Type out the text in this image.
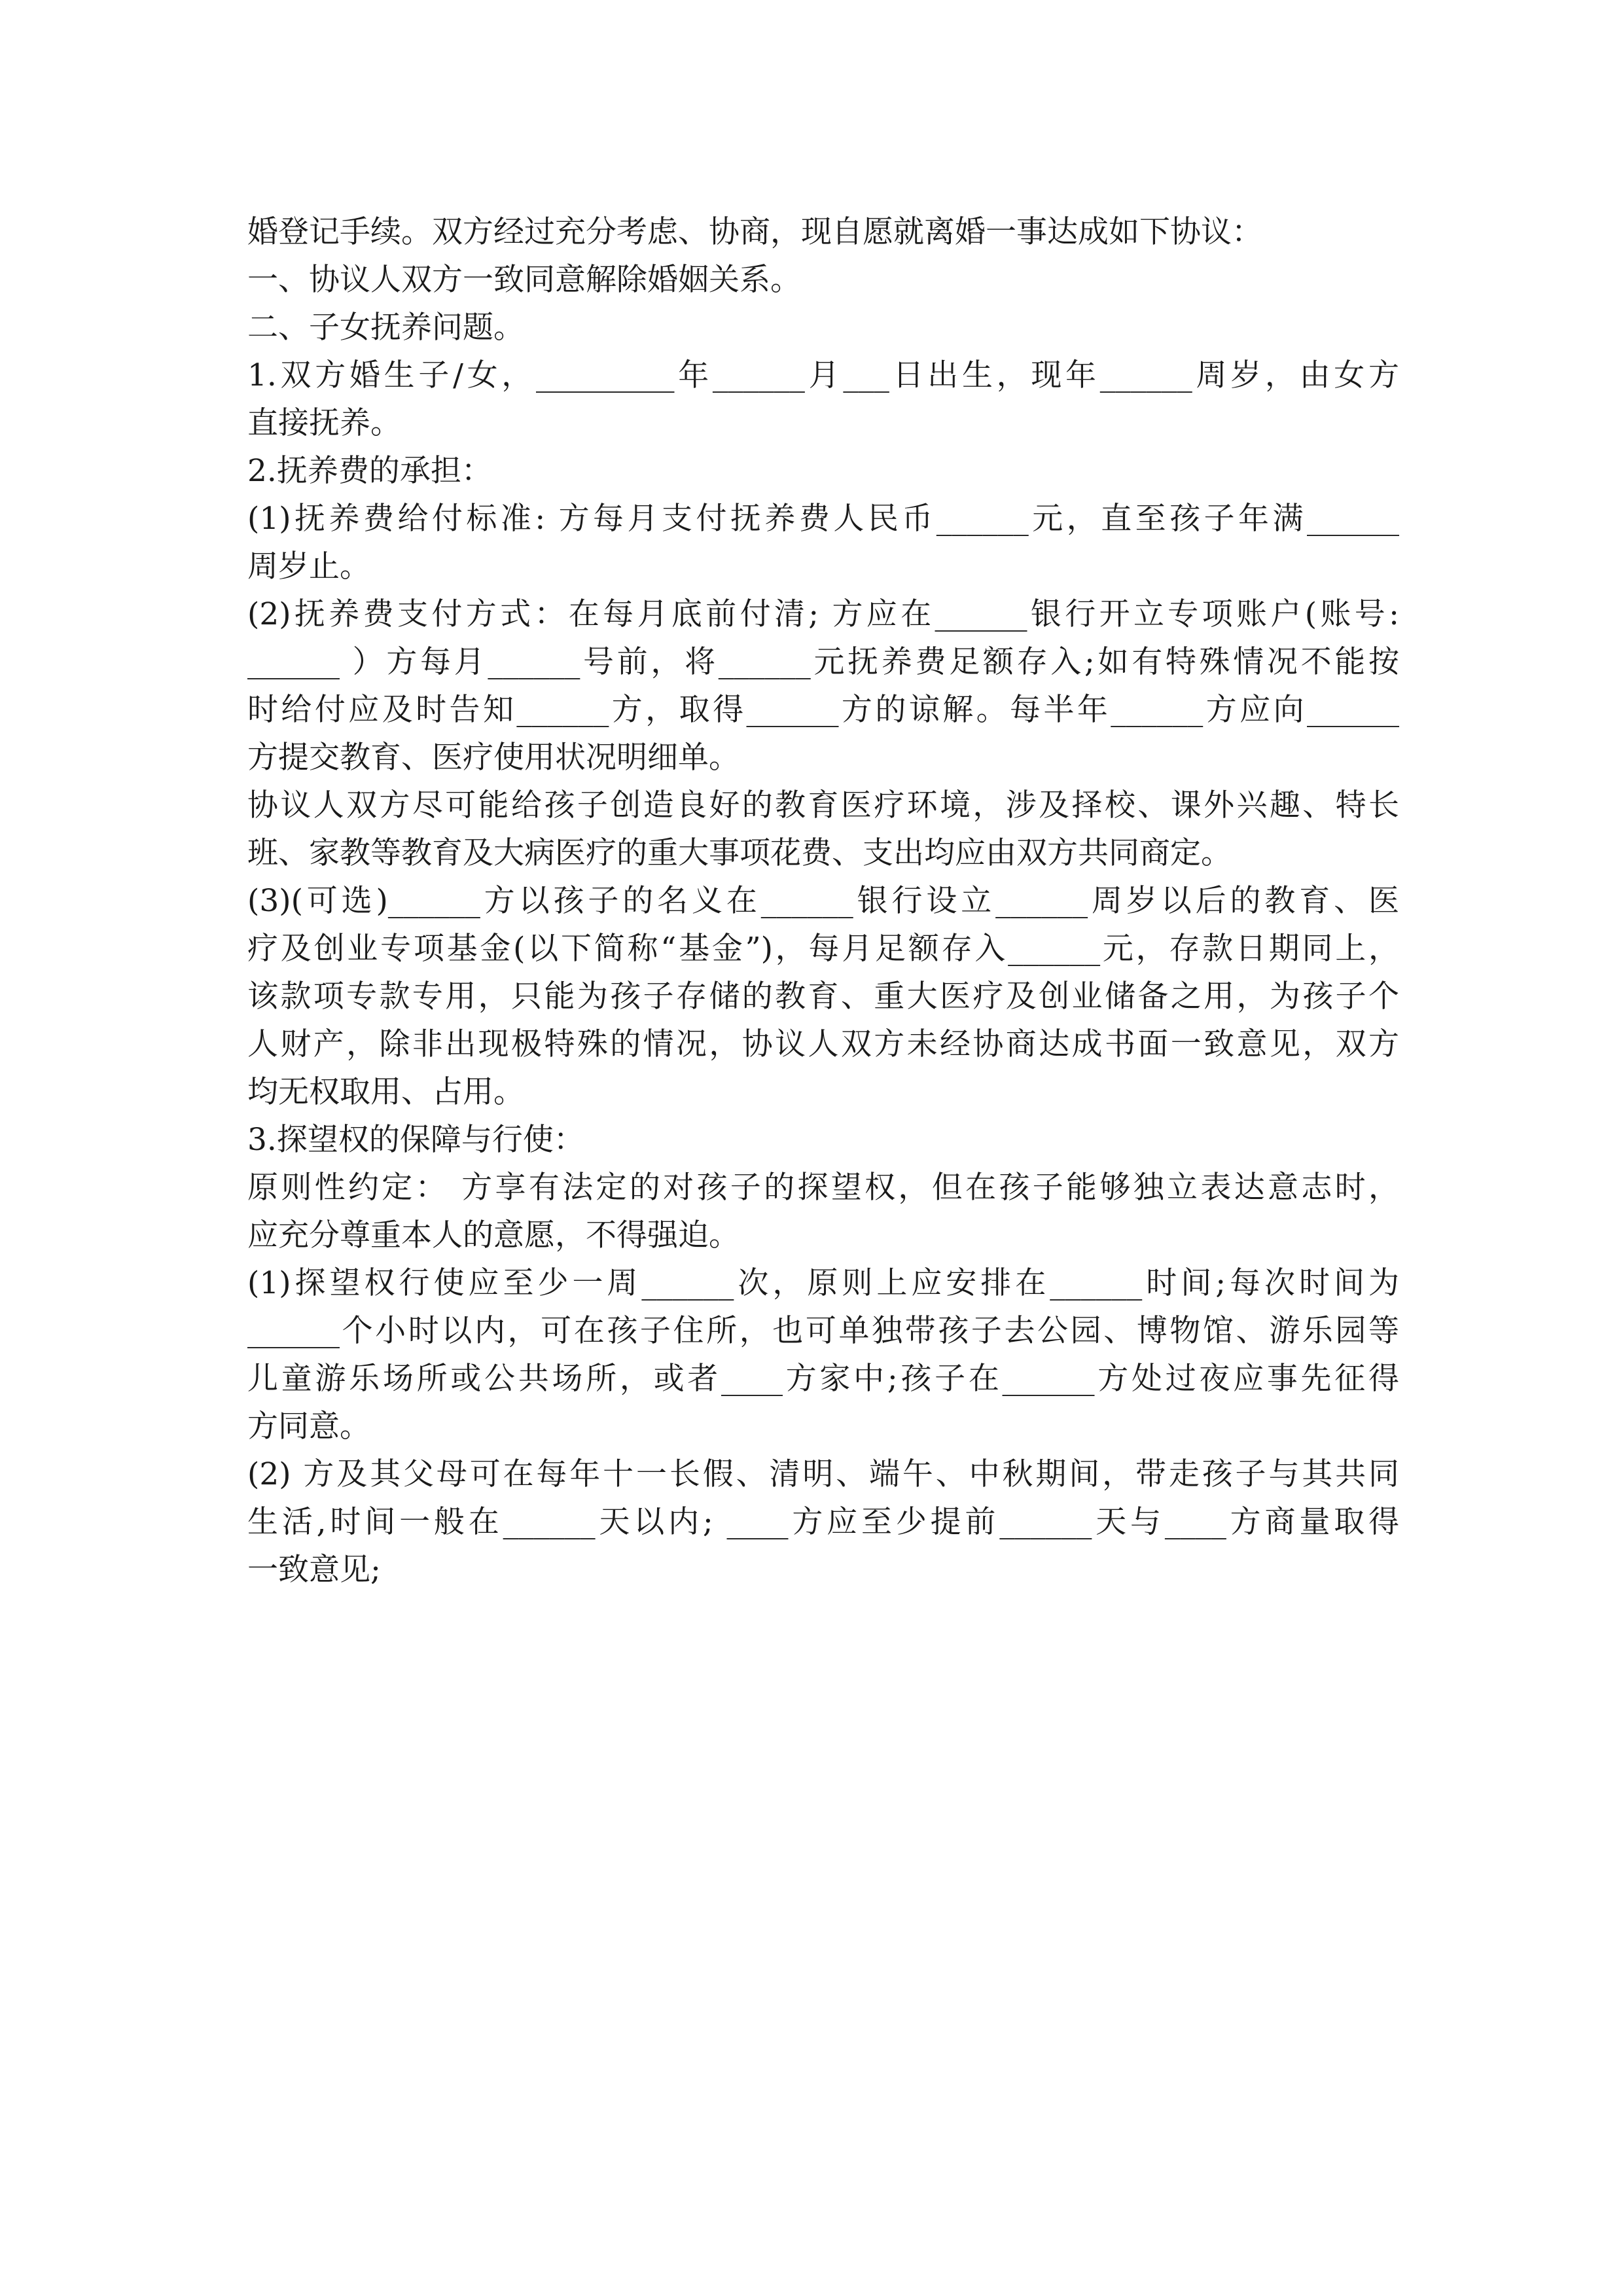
婚登记手续。双方经过充分考虑、协商，现自愿就离婚一事达成如下协议：
一、协议人双方一致同意解除婚姻关系。
二、子女抚养问题。
1.双方婚生子/女，_________年______月___日出生，现年______周岁，由女方
直接抚养。
2.抚养费的承担：
(1)抚养费给付标准: 方每月支付抚养费人民币______元，直至孩子年满______
周岁止。
(2)抚养费支付方式：在每月底前付清; 方应在______银行开立专项账户(账号:
______ ）方每月______号前，将______元抚养费足额存入;如有特殊情况不能按
时给付应及时告知______方，取得______方的谅解。每半年______方应向______
方提交教育、医疗使用状况明细单。
协议人双方尽可能给孩子创造良好的教育医疗环境，涉及择校、课外兴趣、特长
班、家教等教育及大病医疗的重大事项花费、支出均应由双方共同商定。
(3)(可选)______方以孩子的名义在______银行设立______周岁以后的教育、医
疗及创业专项基金(以下简称“基金”)，每月足额存入______元，存款日期同上，
该款项专款专用，只能为孩子存储的教育、重大医疗及创业储备之用，为孩子个
人财产，除非出现极特殊的情况，协议人双方未经协商达成书面一致意见，双方
均无权取用、占用。
3.探望权的保障与行使：
原则性约定： 方享有法定的对孩子的探望权，但在孩子能够独立表达意志时，
应充分尊重本人的意愿，不得强迫。
(1)探望权行使应至少一周______次，原则上应安排在______时间;每次时间为
______个小时以内，可在孩子住所，也可单独带孩子去公园、博物馆、游乐园等
儿童游乐场所或公共场所，或者____方家中;孩子在______方处过夜应事先征得
方同意。
(2) 方及其父母可在每年十一长假、清明、端午、中秋期间，带走孩子与其共同
生活,时间一般在______天以内; ____方应至少提前______天与____方商量取得
一致意见;
